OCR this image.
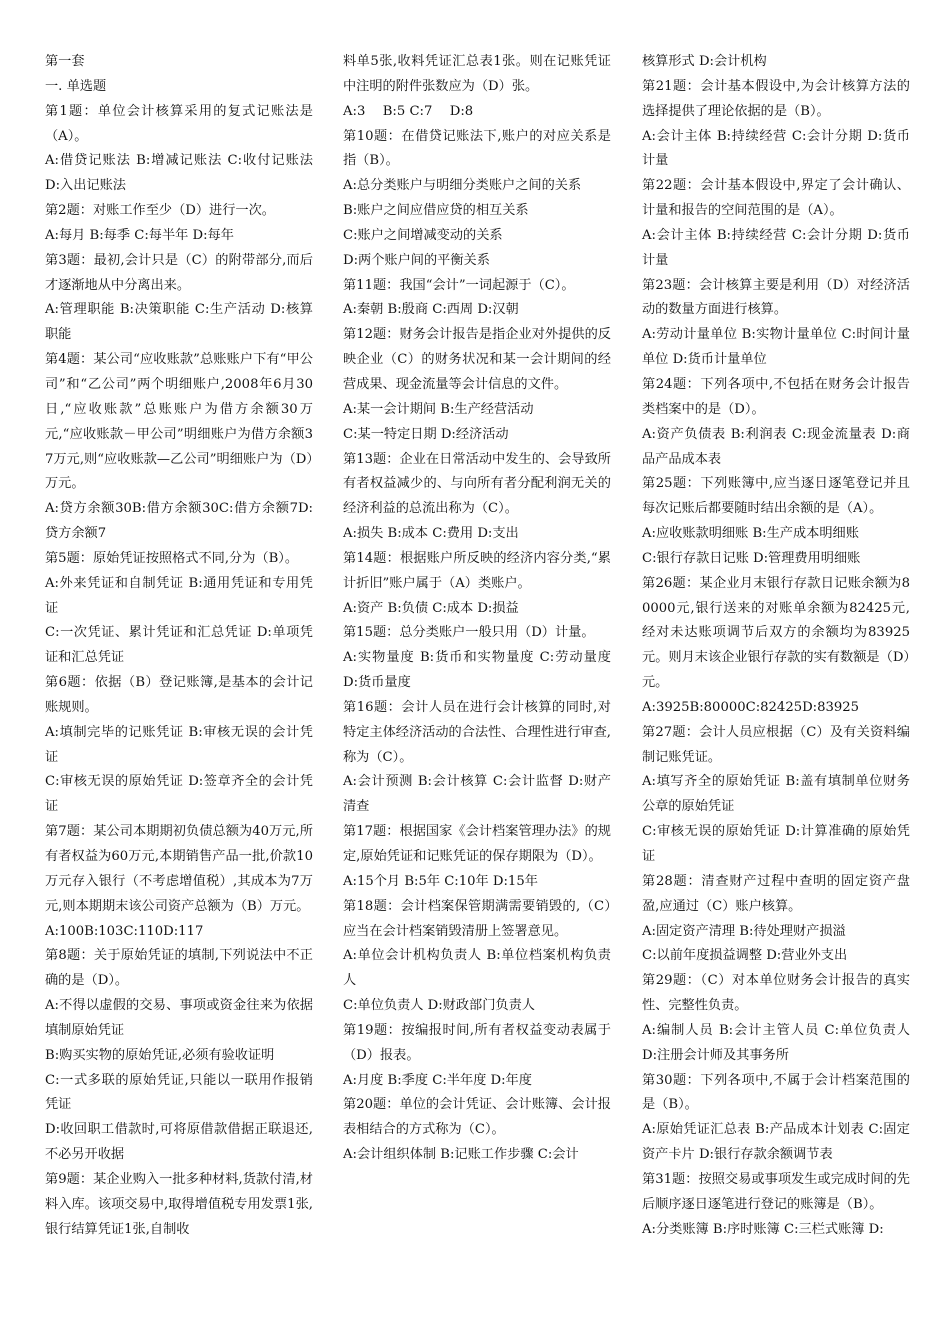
第一套

一. 单选题

第1题：单位会计核算采用的复式记账法是（A）。

A:借贷记账法 B:增减记账法 C:收付记账法 D:入出记账法

第2题：对账工作至少（D）进行一次。

A:每月 B:每季 C:每半年 D:每年

第3题：最初,会计只是（C）的附带部分,而后才逐渐地从中分离出来。

A:管理职能 B:决策职能 C:生产活动 D:核算职能

第4题：某公司“应收账款”总账账户下有“甲公司”和“乙公司”两个明细账户,2008年6月30日,“应收账款”总账账户为借方余额30万元,“应收账款－甲公司”明细账户为借方余额37万元,则“应收账款—乙公司”明细账户为（D）万元。

A:贷方余额30B:借方余额30C:借方余额7D:贷方余额7

第5题：原始凭证按照格式不同,分为（B）。

A:外来凭证和自制凭证 B:通用凭证和专用凭证

C:一次凭证、累计凭证和汇总凭证 D:单项凭证和汇总凭证

第6题：依据（B）登记账簿,是基本的会计记账规则。

A:填制完毕的记账凭证 B:审核无误的会计凭证

C:审核无误的原始凭证 D:签章齐全的会计凭证

第7题：某公司本期期初负债总额为40万元,所有者权益为60万元,本期销售产品一批,价款10万元存入银行（不考虑增值税）,其成本为7万元,则本期期末该公司资产总额为（B）万元。

A:100B:103C:110D:117

第8题：关于原始凭证的填制,下列说法中不正确的是（D）。

A:不得以虚假的交易、事项或资金往来为依据填制原始凭证

B:购买实物的原始凭证,必须有验收证明

C:一式多联的原始凭证,只能以一联用作报销凭证

D:收回职工借款时,可将原借款借据正联退还,不必另开收据

第9题：某企业购入一批多种材料,货款付清,材料入库。该项交易中,取得增值税专用发票1张,银行结算凭证1张,自制收

料单5张,收料凭证汇总表1张。则在记账凭证中注明的附件张数应为（D）张。

A:3　 B:5 C:7　 D:8

第10题：在借贷记账法下,账户的对应关系是指（B）。

A:总分类账户与明细分类账户之间的关系

B:账户之间应借应贷的相互关系

C:账户之间增减变动的关系

D:两个账户间的平衡关系

第11题：我国“会计”一词起源于（C）。

A:秦朝 B:殷商 C:西周 D:汉朝

第12题：财务会计报告是指企业对外提供的反映企业（C）的财务状况和某一会计期间的经营成果、现金流量等会计信息的文件。

A:某一会计期间 B:生产经营活动

C:某一特定日期 D:经济活动

第13题：企业在日常活动中发生的、会导致所有者权益减少的、与向所有者分配利润无关的经济利益的总流出称为（C）。

A:损失 B:成本 C:费用 D:支出

第14题：根据账户所反映的经济内容分类,“累计折旧”账户属于（A）类账户。

A:资产 B:负债 C:成本 D:损益

第15题：总分类账户一般只用（D）计量。

A:实物量度 B:货币和实物量度 C:劳动量度 D:货币量度

第16题：会计人员在进行会计核算的同时,对特定主体经济活动的合法性、合理性进行审查,称为（C）。

A:会计预测 B:会计核算 C:会计监督 D:财产清查

第17题：根据国家《会计档案管理办法》的规定,原始凭证和记账凭证的保存期限为（D）。

A:15个月 B:5年 C:10年 D:15年

第18题：会计档案保管期满需要销毁的,（C）应当在会计档案销毁清册上签署意见。

A:单位会计机构负责人 B:单位档案机构负责人

C:单位负责人 D:财政部门负责人

第19题：按编报时间,所有者权益变动表属于（D）报表。

A:月度 B:季度 C:半年度 D:年度

第20题：单位的会计凭证、会计账簿、会计报表相结合的方式称为（C）。

A:会计组织体制 B:记账工作步骤 C:会计

核算形式 D:会计机构

第21题：会计基本假设中,为会计核算方法的选择提供了理论依据的是（B）。

A:会计主体 B:持续经营 C:会计分期 D:货币计量

第22题：会计基本假设中,界定了会计确认、计量和报告的空间范围的是（A）。

A:会计主体 B:持续经营 C:会计分期 D:货币计量

第23题：会计核算主要是利用（D）对经济活动的数量方面进行核算。

A:劳动计量单位 B:实物计量单位 C:时间计量单位 D:货币计量单位

第24题：下列各项中,不包括在财务会计报告类档案中的是（D）。

A:资产负债表 B:利润表 C:现金流量表 D:商品产品成本表

第25题：下列账簿中,应当逐日逐笔登记并且每次记账后都要随时结出余额的是（A）。

A:应收账款明细账 B:生产成本明细账

C:银行存款日记账 D:管理费用明细账

第26题：某企业月末银行存款日记账余额为80000元,银行送来的对账单余额为82425元,经对未达账项调节后双方的余额均为83925元。则月末该企业银行存款的实有数额是（D）元。

A:3925B:80000C:82425D:83925

第27题：会计人员应根据（C）及有关资料编制记账凭证。

A:填写齐全的原始凭证 B:盖有填制单位财务公章的原始凭证

C:审核无误的原始凭证 D:计算准确的原始凭证

第28题：清查财产过程中查明的固定资产盘盈,应通过（C）账户核算。

A:固定资产清理 B:待处理财产损溢

C:以前年度损益调整 D:营业外支出

第29题：（C）对本单位财务会计报告的真实性、完整性负责。

A:编制人员 B:会计主管人员 C:单位负责人 D:注册会计师及其事务所

第30题：下列各项中,不属于会计档案范围的是（B）。

A:原始凭证汇总表 B:产品成本计划表 C:固定资产卡片 D:银行存款余额调节表

第31题：按照交易或事项发生或完成时间的先后顺序逐日逐笔进行登记的账簿是（B）。

A:分类账簿 B:序时账簿 C:三栏式账簿 D:
